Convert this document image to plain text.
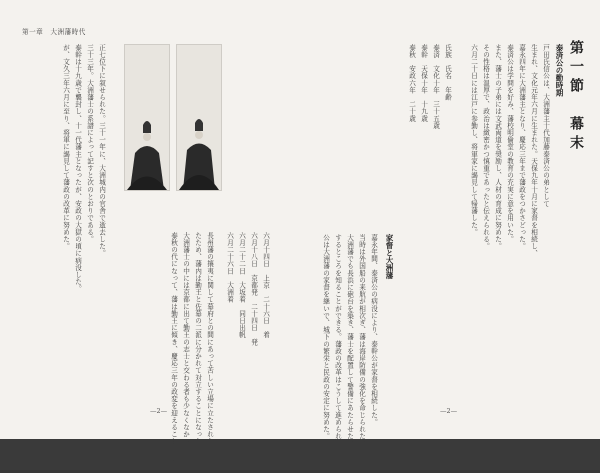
第一章　大洲藩時代
正七位下に叙せられた。三十一年に、大洲城内の官舎で逝去した。
三十三年。大洲藩士の系譜によって記すと次のとおりである。
泰幹は十九歳で襲封し、十一代藩主となったが、安政の大獄の頃に病没した。
が、文久三年六月に至り、将軍に謁見して藩政の改革に努めた。
六月十四日　上京　二十六日　着
六月十八日　京都発　二十四日　発
六月二十二日　大坂着　同日出帆
六月二十六日　大洲着
長州藩の攘夷に関して幕府との間にあって苦しい立場に立たされた。
たため、藩内は勤王と佐幕の二派に分かれて対立することになった。
大洲藩士の中には京都に出て勤王の志士と交わる者も少なくなかった。
泰秋の代になって、藩は勤王に傾き、慶応三年の政変を迎えることとなる。
—2—
第一節　幕末
泰済公の勤時期
戸田氏信公は、大洲藩主十代加藤泰済公の弟として
生まれ、文化元年六月に生まれた。天保九年十月に家督を相続し、
嘉永四年に大洲藩主となり、慶応三年まで藩政をつかさどった。
泰済公は学問を好み、藩校明倫堂の教育の充実に意を用いた。
また、藩士の子弟には文武両道を奨励し、人材の育成に努めた。
その性格は温厚で、政治は緻密かつ慎重であったと伝えられる。
六月二十日には江戸に参勤し、将軍家に謁見して帰藩した。
氏族　氏名　年齢
泰済　文化十年　三十五歳
泰幹　天保十年　十九歳
泰秋　安政六年　二十歳
家督と大洲藩
嘉永年間、泰済公の病没により、泰幹公が家督を相続した。
当時は外国船の来航が相次ぎ、藩は海岸防備の強化を命じられた。
大洲藩でも長浜に砲台を築き、藩士を配置して警備にあたらせた。
するところを知ることができる。藩政の改革はこうして進められた。
公は大洲藩の家督を継いで、城下の繁栄と民政の安定に努めた。	—2—
